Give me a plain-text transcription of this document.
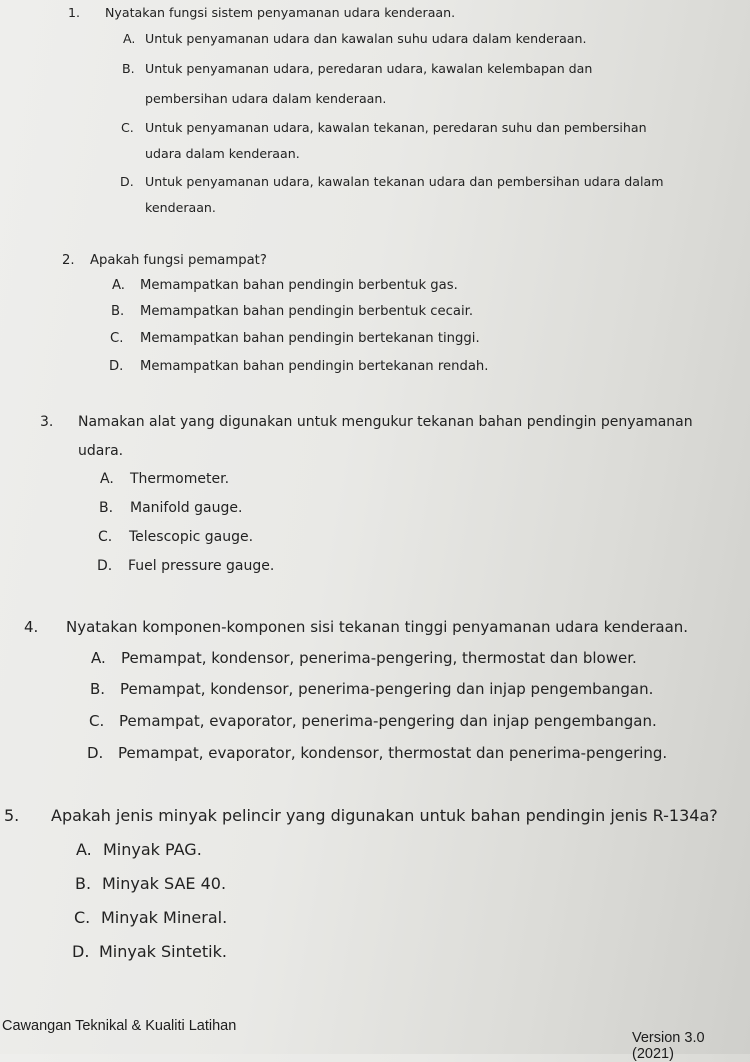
1. Nyatakan fungsi sistem penyamanan udara kenderaan.
A. Untuk penyamanan udara dan kawalan suhu udara dalam kenderaan.
B. Untuk penyamanan udara, peredaran udara, kawalan kelembapan dan
pembersihan udara dalam kenderaan.
C. Untuk penyamanan udara, kawalan tekanan, peredaran suhu dan pembersihan
udara dalam kenderaan.
D. Untuk penyamanan udara, kawalan tekanan udara dan pembersihan udara dalam
kenderaan.
2. Apakah fungsi pemampat?
A. Memampatkan bahan pendingin berbentuk gas.
B. Memampatkan bahan pendingin berbentuk cecair.
C. Memampatkan bahan pendingin bertekanan tinggi.
D. Memampatkan bahan pendingin bertekanan rendah.
3. Namakan alat yang digunakan untuk mengukur tekanan bahan pendingin penyamanan
udara.
A. Thermometer.
B. Manifold gauge.
C. Telescopic gauge.
D. Fuel pressure gauge.
4. Nyatakan komponen-komponen sisi tekanan tinggi penyamanan udara kenderaan.
A. Pemampat, kondensor, penerima-pengering, thermostat dan blower.
B. Pemampat, kondensor, penerima-pengering dan injap pengembangan.
C. Pemampat, evaporator, penerima-pengering dan injap pengembangan.
D. Pemampat, evaporator, kondensor, thermostat dan penerima-pengering.
5. Apakah jenis minyak pelincir yang digunakan untuk bahan pendingin jenis R-134a?
A. Minyak PAG.
B. Minyak SAE 40.
C. Minyak Mineral.
D. Minyak Sintetik.
Cawangan Teknikal & Kualiti Latihan
Version 3.0 (2021)
